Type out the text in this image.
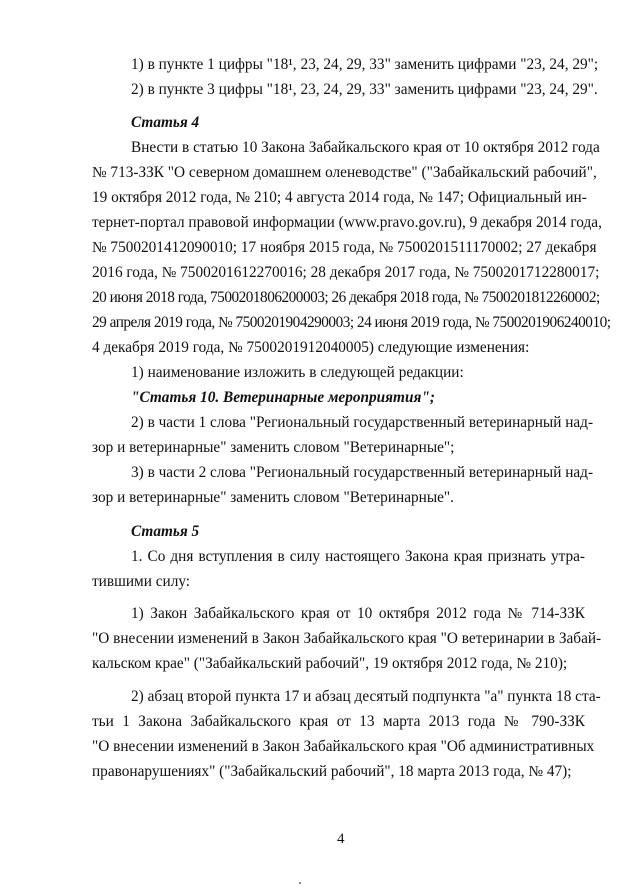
1) в пункте 1 цифры "18¹, 23, 24, 29, 33" заменить цифрами "23, 24, 29";
2) в пункте 3 цифры "18¹, 23, 24, 29, 33" заменить цифрами "23, 24, 29".
Статья 4
Внести в статью 10 Закона Забайкальского края от 10 октября 2012 года
№ 713-ЗЗК "О северном домашнем оленеводстве" ("Забайкальский рабочий",
19 октября 2012 года, № 210; 4 августа 2014 года, № 147; Официальный ин-
тернет-портал правовой информации (www.pravo.gov.ru), 9 декабря 2014 года,
№ 7500201412090010; 17 ноября 2015 года, № 7500201511170002; 27 декабря
2016 года, № 7500201612270016; 28 декабря 2017 года, № 7500201712280017;
20 июня 2018 года, 7500201806200003; 26 декабря 2018 года, № 7500201812260002;
29 апреля 2019 года, № 7500201904290003; 24 июня 2019 года, № 7500201906240010;
4 декабря 2019 года, № 7500201912040005) следующие изменения:
1) наименование изложить в следующей редакции:
"Статья 10. Ветеринарные мероприятия";
2) в части 1 слова "Региональный государственный ветеринарный над-
зор и ветеринарные" заменить словом "Ветеринарные";
3) в части 2 слова "Региональный государственный ветеринарный над-
зор и ветеринарные" заменить словом "Ветеринарные".
Статья 5
1. Со дня вступления в силу настоящего Закона края признать утра-
тившими силу:
1) Закон Забайкальского края от 10 октября 2012 года № 714-ЗЗК
"О внесении изменений в Закон Забайкальского края "О ветеринарии в Забай-
кальском крае" ("Забайкальский рабочий", 19 октября 2012 года, № 210);
2) абзац второй пункта 17 и абзац десятый подпункта "а" пункта 18 ста-
тьи 1 Закона Забайкальского края от 13 марта 2013 года № 790-ЗЗК
"О внесении изменений в Закон Забайкальского края "Об административных
правонарушениях" ("Забайкальский рабочий", 18 марта 2013 года, № 47);
4
